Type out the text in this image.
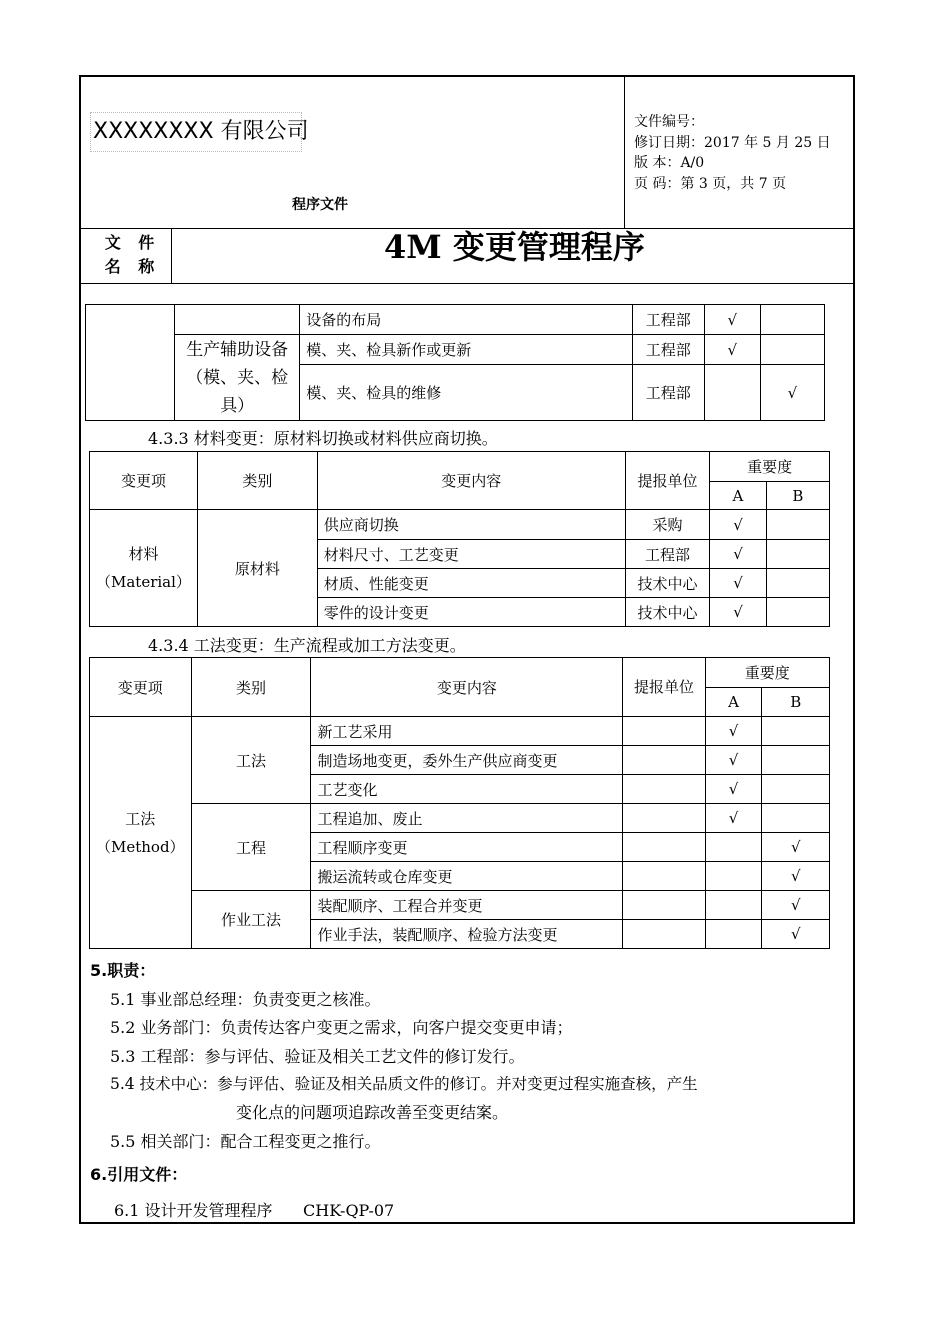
XXXXXXXX 有限公司
程序文件
文件编号：
修订日期：2017 年 5 月 25 日
版 本：A/0
页 码：第 3 页，共 7 页
文 件
名 称
4M 变更管理程序
		设备的布局	工程部	√	
	生产辅助设备（模、夹、检具）	模、夹、检具新作或更新	工程部	√	
		模、夹、检具的维修	工程部		√
4.3.3 材料变更：原材料切换或材料供应商切换。
变更项	类别	变更内容	提报单位	重要度	
				A	B
材料（Material）	原材料	供应商切换	采购	√	
		材料尺寸、工艺变更	工程部	√	
		材质、性能变更	技术中心	√	
		零件的设计变更	技术中心	√	
4.3.4 工法变更：生产流程或加工方法变更。
变更项	类别	变更内容	提报单位	重要度	
				A	B
工法（Method）	工法	新工艺采用		√	
		制造场地变更，委外生产供应商变更		√	
		工艺变化		√	
	工程	工程追加、废止		√	
		工程顺序变更			√
		搬运流转或仓库变更			√
	作业工法	装配顺序、工程合并变更			√
		作业手法，装配顺序、检验方法变更			√
5.职责：
5.1 事业部总经理：负责变更之核准。
5.2 业务部门：负责传达客户变更之需求，向客户提交变更申请；
5.3 工程部：参与评估、验证及相关工艺文件的修订发行。
5.4 技术中心：参与评估、验证及相关品质文件的修订。并对变更过程实施查核，产生
变化点的问题项追踪改善至变更结案。
5.5 相关部门：配合工程变更之推行。
6.引用文件：
6.1 设计开发管理程序      CHK-QP-07
